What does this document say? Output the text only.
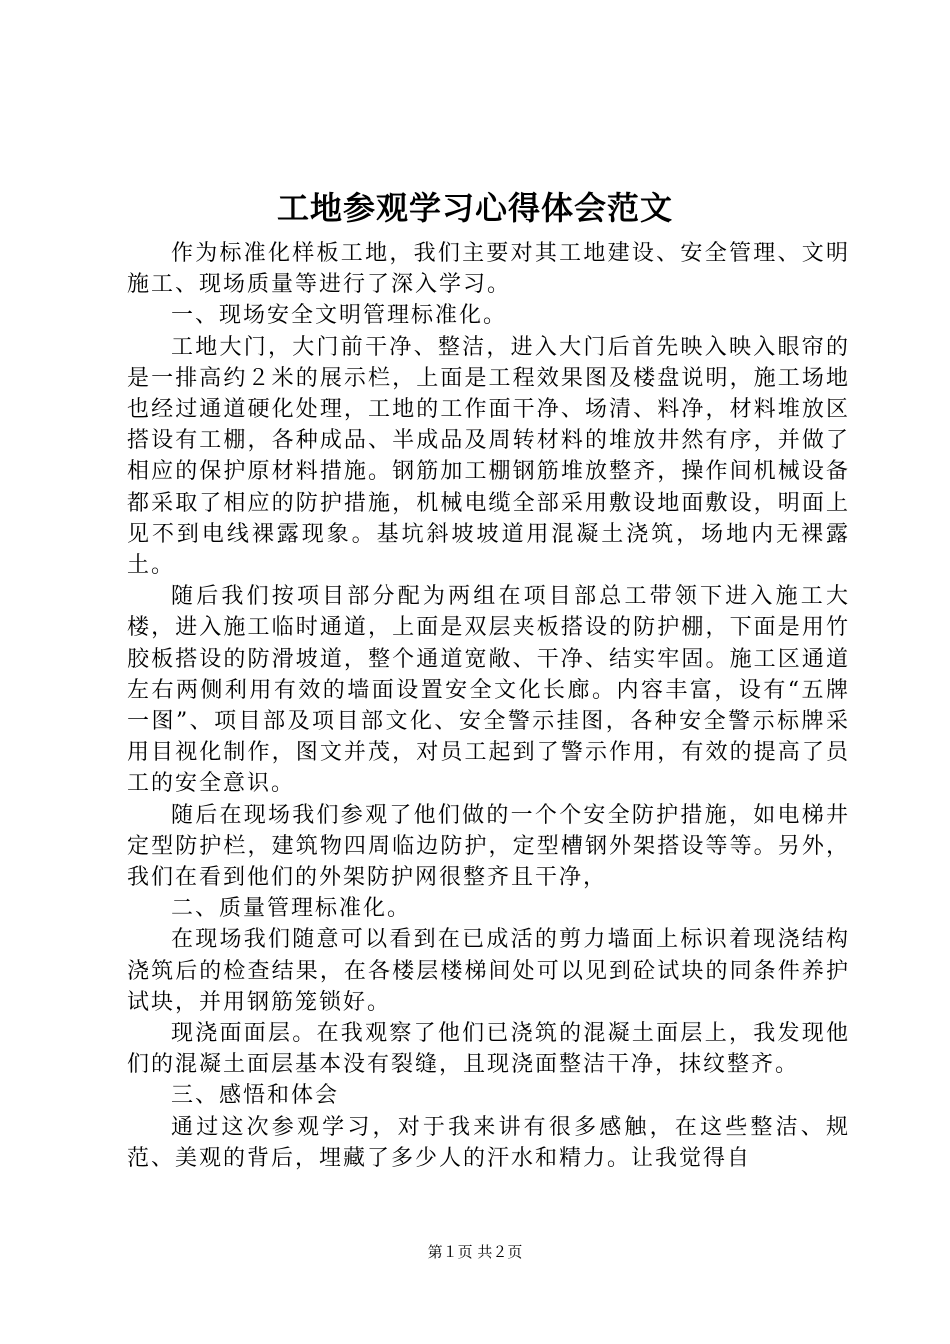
工地参观学习心得体会范文

作为标准化样板工地，我们主要对其工地建设、安全管理、文明施工、现场质量等进行了深入学习。

一、现场安全文明管理标准化。

工地大门，大门前干净、整洁，进入大门后首先映入映入眼帘的是一排高约２米的展示栏，上面是工程效果图及楼盘说明，施工场地也经过通道硬化处理，工地的工作面干净、场清、料净，材料堆放区搭设有工棚，各种成品、半成品及周转材料的堆放井然有序，并做了相应的保护原材料措施。钢筋加工棚钢筋堆放整齐，操作间机械设备都采取了相应的防护措施，机械电缆全部采用敷设地面敷设，明面上见不到电线裸露现象。基坑斜坡坡道用混凝土浇筑，场地内无裸露土。

随后我们按项目部分配为两组在项目部总工带领下进入施工大楼，进入施工临时通道，上面是双层夹板搭设的防护棚，下面是用竹胶板搭设的防滑坡道，整个通道宽敞、干净、结实牢固。施工区通道左右两侧利用有效的墙面设置安全文化长廊。内容丰富，设有“五牌一图”、项目部及项目部文化、安全警示挂图，各种安全警示标牌采用目视化制作，图文并茂，对员工起到了警示作用，有效的提高了员工的安全意识。

随后在现场我们参观了他们做的一个个安全防护措施，如电梯井定型防护栏，建筑物四周临边防护，定型槽钢外架搭设等等。另外，我们在看到他们的外架防护网很整齐且干净，

二、质量管理标准化。

在现场我们随意可以看到在已成活的剪力墙面上标识着现浇结构浇筑后的检查结果，在各楼层楼梯间处可以见到砼试块的同条件养护试块，并用钢筋笼锁好。

现浇面面层。在我观察了他们已浇筑的混凝土面层上，我发现他们的混凝土面层基本没有裂缝，且现浇面整洁干净，抹纹整齐。

三、感悟和体会

通过这次参观学习，对于我来讲有很多感触，在这些整洁、规范、美观的背后，埋藏了多少人的汗水和精力。让我觉得自

第１页 共２页
